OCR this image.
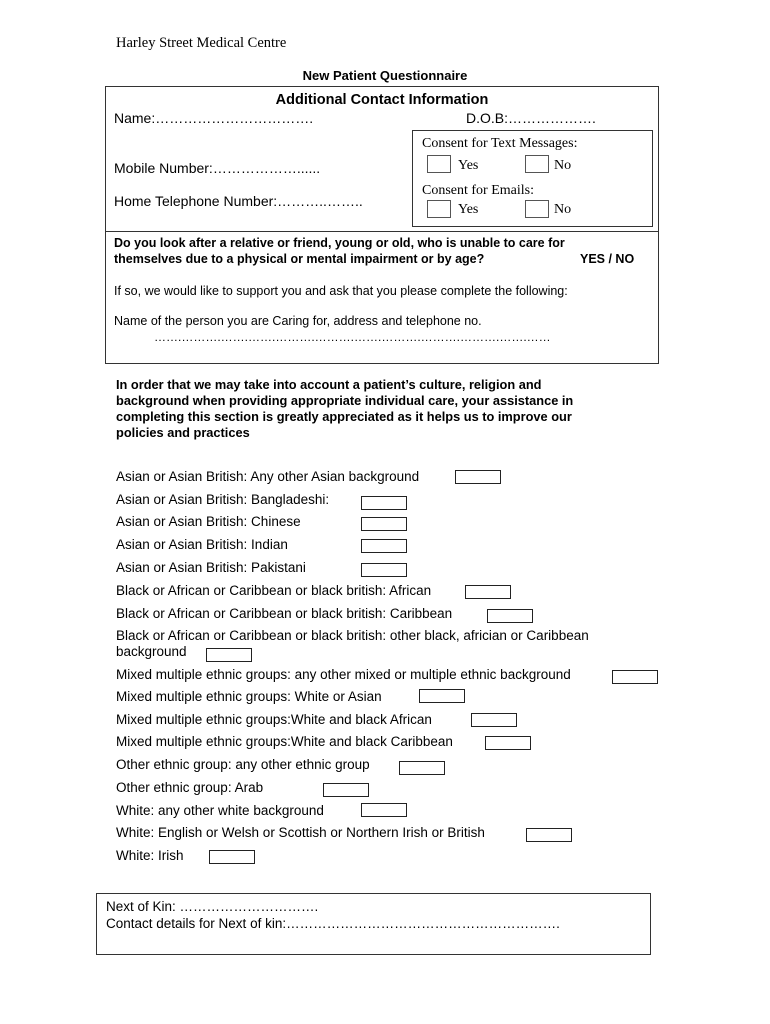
Harley Street Medical Centre
New Patient Questionnaire
Additional Contact Information
Name:…………………………….	D.O.B:……………….
Mobile Number:………………......
Home Telephone Number:………..……..
Consent for Text Messages:
Yes	No
Consent for Emails:
Yes	No
Do you look after a relative or friend, young or old, who is unable to care for
themselves due to a physical or mental impairment or by age?	YES / NO
If so, we would like to support you and ask that you please complete the following:
Name of the person you are Caring for, address and telephone no.
…….……….…….…….……….……….…….……….……….……….…….……
In order that we may take into account a patient’s culture, religion and
background when providing appropriate individual care, your assistance in
completing this section is greatly appreciated as it helps us to improve our
policies and practices
Asian or Asian British: Any other Asian background
Asian or Asian British: Bangladeshi:
Asian or Asian British: Chinese
Asian or Asian British: Indian
Asian or Asian British: Pakistani
Black or African or Caribbean or black british: African
Black or African or Caribbean or black british: Caribbean
Black or African or Caribbean or black british: other black, africian or Caribbean
background
Mixed multiple ethnic groups: any other mixed or multiple ethnic background
Mixed multiple ethnic groups: White or Asian
Mixed multiple ethnic groups:White and black African
Mixed multiple ethnic groups:White and black Caribbean
Other ethnic group: any other ethnic group
Other ethnic group: Arab
White: any other white background
White: English or Welsh or Scottish or Northern Irish or British
White: Irish
Next of Kin: ………………………….
Contact details for Next of kin:…………………………………………………….
